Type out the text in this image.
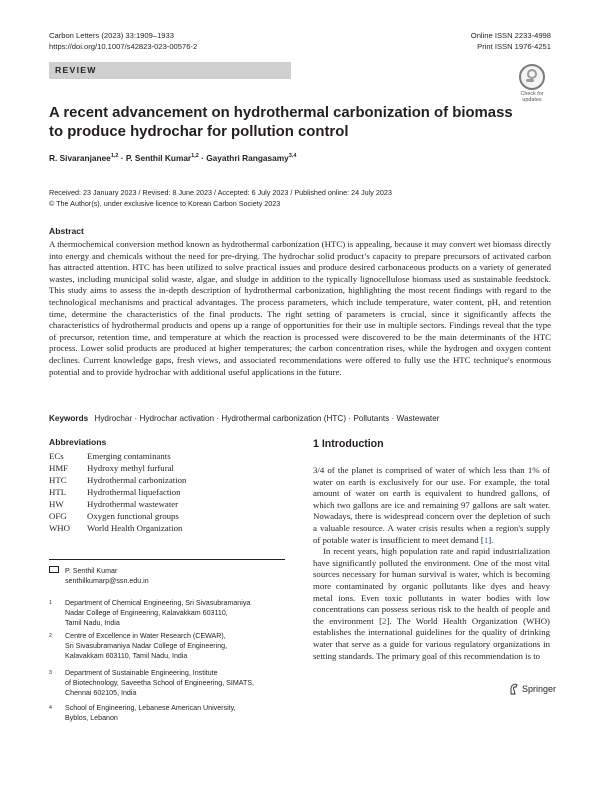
Carbon Letters (2023) 33:1909–1933
https://doi.org/10.1007/s42823-023-00576-2
Online ISSN 2233-4998
Print ISSN 1976-4251
REVIEW
Check for
updates
A recent advancement on hydrothermal carbonization of biomass to produce hydrochar for pollution control
R. Sivaranjanee$^{1,2}$ · P. Senthil Kumar$^{1,2}$ · Gayathri Rangasamy$^{3,4}$
Received: 23 January 2023 / Revised: 8 June 2023 / Accepted: 6 July 2023 / Published online: 24 July 2023
© The Author(s), under exclusive licence to Korean Carbon Society 2023
Abstract
A thermochemical conversion method known as hydrothermal carbonization (HTC) is appealing, because it may convert wet biomass directly into energy and chemicals without the need for pre-drying. The hydrochar solid product’s capacity to prepare precursors of activated carbon has attracted attention. HTC has been utilized to solve practical issues and produce desired carbonaceous products on a variety of generated wastes, including municipal solid waste, algae, and sludge in addition to the typically lignocellulose biomass used as sustainable feedstock. This study aims to assess the in-depth description of hydrothermal carbonization, highlighting the most recent findings with regard to the technological mechanisms and practical advantages. The process parameters, which include temperature, water content, pH, and retention time, determine the characteristics of the final products. The right setting of parameters is crucial, since it significantly affects the characteristics of hydrothermal products and opens up a range of opportunities for their use in multiple sectors. Findings reveal that the type of precursor, retention time, and temperature at which the reaction is processed were discovered to be the main determinants of the HTC process. Lower solid products are produced at higher temperatures; the carbon concentration rises, while the hydrogen and oxygen content declines. Current knowledge gaps, fresh views, and associated recommendations were offered to fully use the HTC technique's enormous potential and to provide hydrochar with additional useful applications in the future.
Keywords Hydrochar · Hydrochar activation · Hydrothermal carbonization (HTC) · Pollutants · Wastewater
Abbreviations
ECs	Emerging contaminants
HMF	Hydroxy methyl furfural
HTC	Hydrothermal carbonization
HTL	Hydrothermal liquefaction
HW	Hydrothermal wastewater
OFG	Oxygen functional groups
WHO	World Health Organization
P. Senthil Kumar
senthilkumarp@ssn.edu.in
1	Department of Chemical Engineering, Sri Sivasubramaniya
Nadar College of Engineering, Kalavakkam 603110,
Tamil Nadu, India
2	Centre of Excellence in Water Research (CEWAR),
Sri Sivasubramaniya Nadar College of Engineering,
Kalavakkam 603110, Tamil Nadu, India
3	Department of Sustainable Engineering, Institute
of Biotechnology, Saveetha School of Engineering, SIMATS,
Chennai 602105, India
4	School of Engineering, Lebanese American University,
Byblos, Lebanon
1 Introduction

3/4 of the planet is comprised of water of which less than 1% of water on earth is exclusively for our use. For example, the total amount of water on earth is equivalent to hundred gallons, of which two gallons are ice and remaining 97 gallons are salt water. Nowadays, there is widespread concern over the depletion of such a valuable resource. A water crisis results when a region's supply of potable water is insufficient to meet demand [1].

In recent years, high population rate and rapid industrialization have significantly polluted the environment. One of the most vital sources necessary for human survival is water, which is becoming more contaminated by organic pollutants like dyes and heavy metal ions. Even toxic pollutants in water bodies with low concentrations can possess serious risk to the health of people and the environment [2]. The World Health Organization (WHO) establishes the international guidelines for the quality of drinking water that serve as a guide for various regulatory organizations in setting standards. The primary goal of this recommendation is to

Springer
